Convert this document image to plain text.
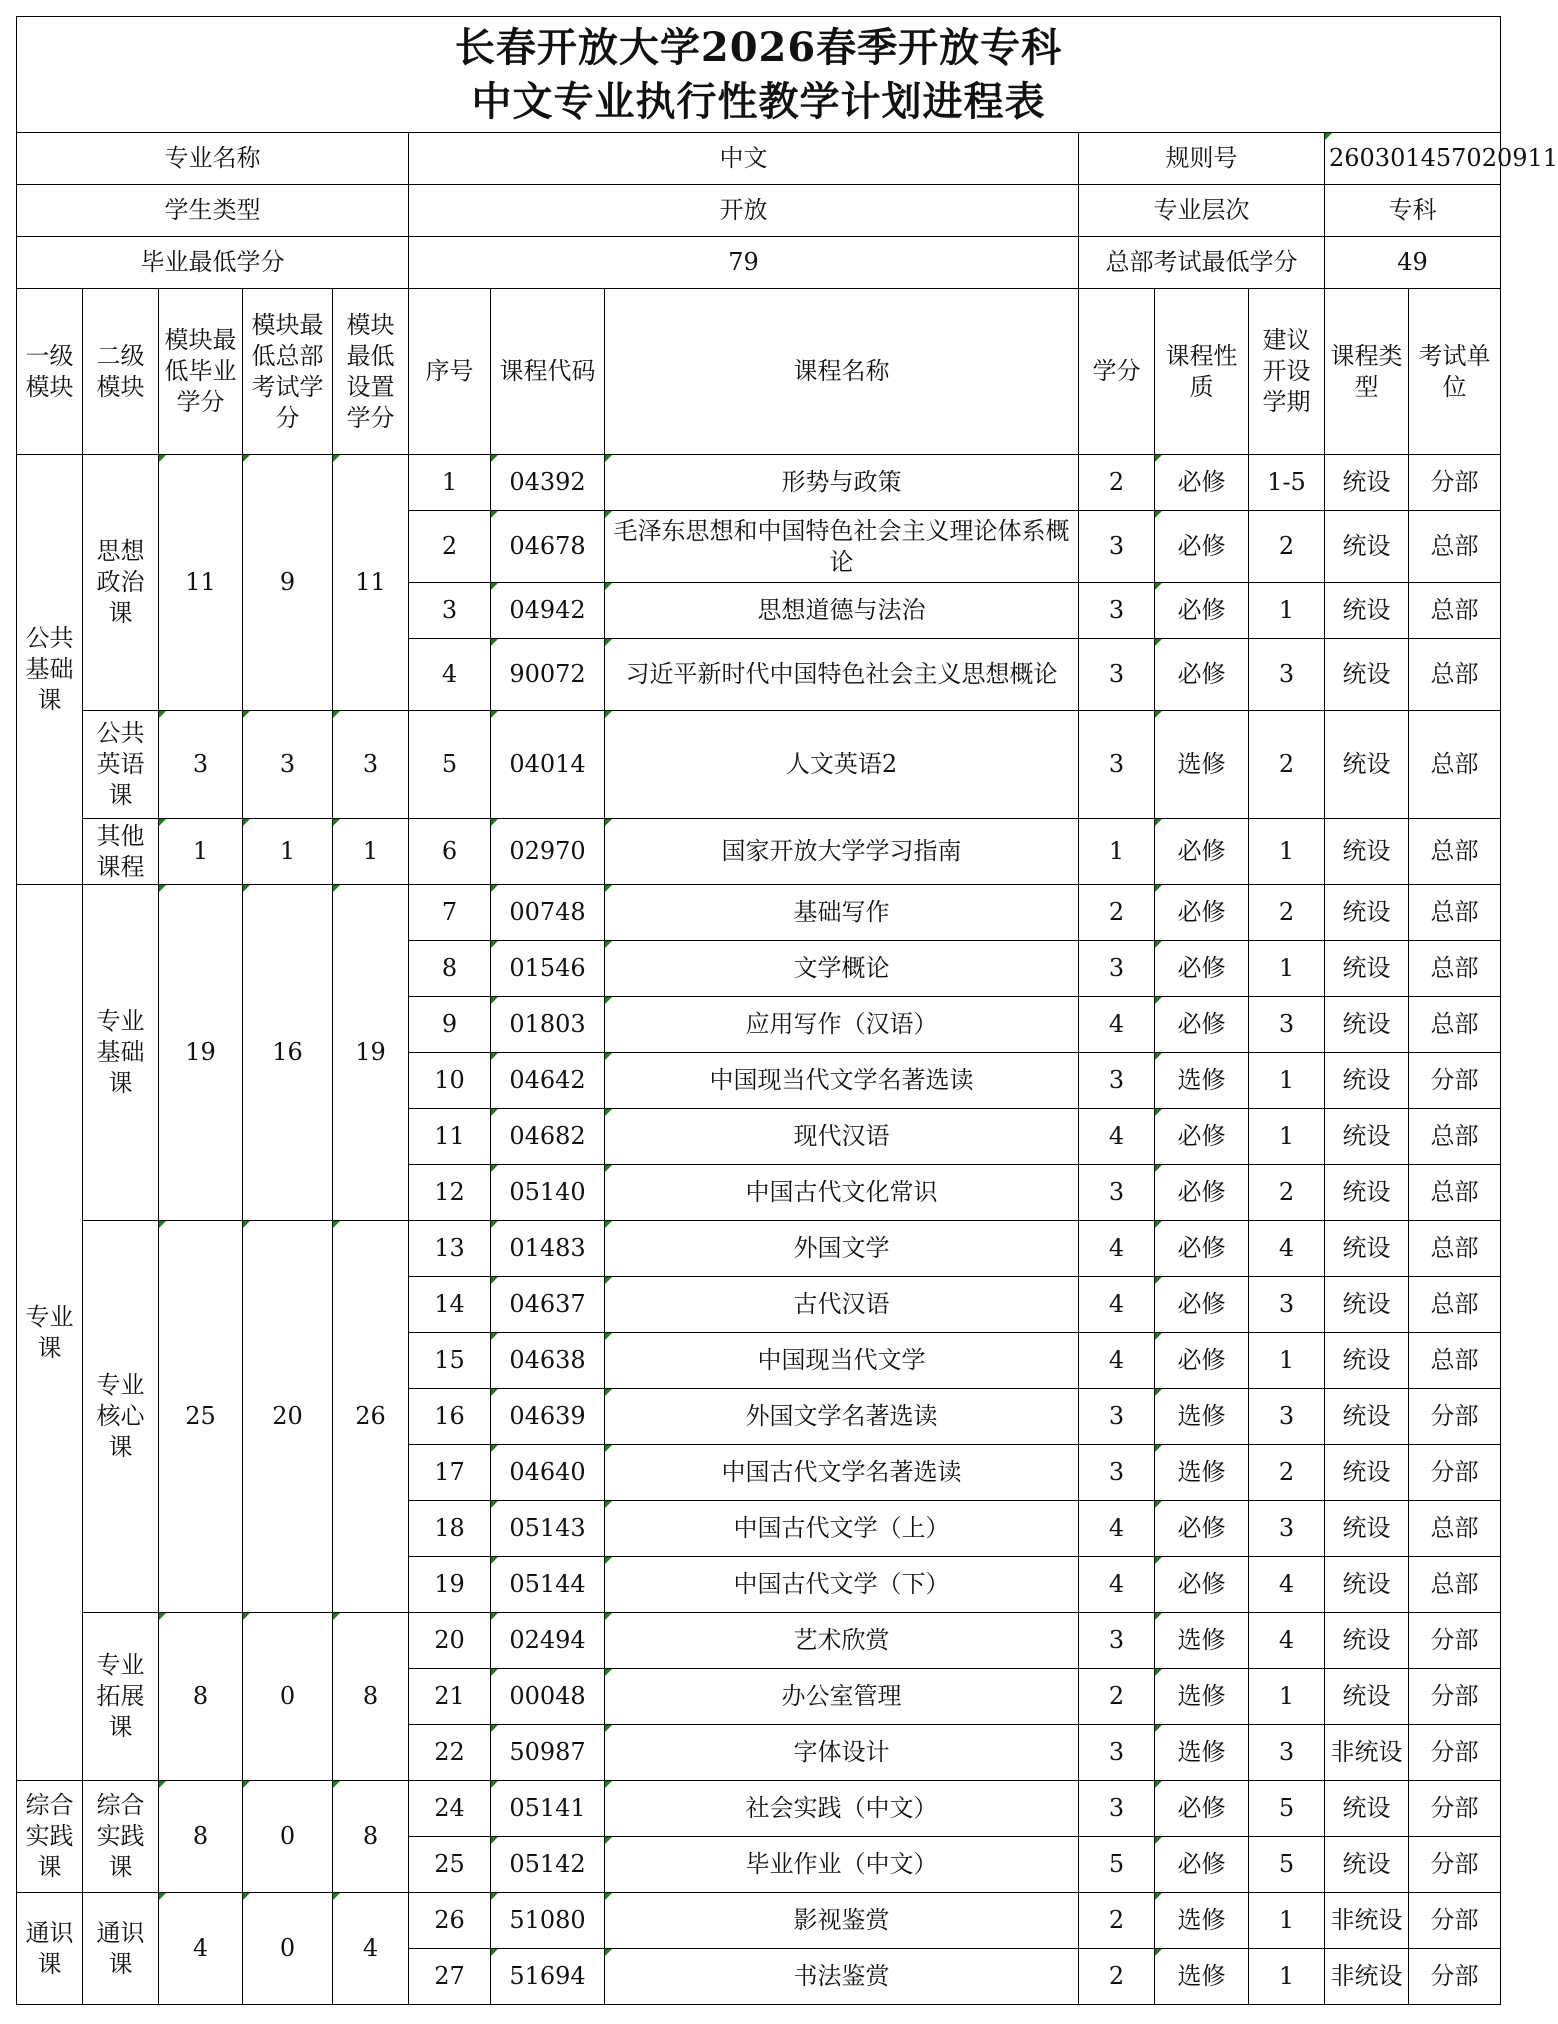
长春开放大学2026春季开放专科
中文专业执行性教学计划进程表												

专业名称					中文			规则号			260301457020911	
学生类型					开放			专业层次			专科	
毕业最低学分					79			总部考试最低学分			49	
一级模块	二级模块	模块最低毕业学分	模块最低总部考试学分	模块最低设置学分	序号	课程代码	课程名称	学分	课程性质	建议开设学期	课程类型	考试单位
公共基础课	思想政治课	11	9	11	1	04392	形势与政策	2	必修	1-5	统设	分部
					2	04678	毛泽东思想和中国特色社会主义理论体系概论	3	必修	2	统设	总部
					3	04942	思想道德与法治	3	必修	1	统设	总部
					4	90072	习近平新时代中国特色社会主义思想概论	3	必修	3	统设	总部
	公共英语课	3	3	3	5	04014	人文英语2	3	选修	2	统设	总部
	其他课程	1	1	1	6	02970	国家开放大学学习指南	1	必修	1	统设	总部
专业课	专业基础课	19	16	19	7	00748	基础写作	2	必修	2	统设	总部
					8	01546	文学概论	3	必修	1	统设	总部
					9	01803	应用写作（汉语）	4	必修	3	统设	总部
					10	04642	中国现当代文学名著选读	3	选修	1	统设	分部
					11	04682	现代汉语	4	必修	1	统设	总部
					12	05140	中国古代文化常识	3	必修	2	统设	总部
	专业核心课	25	20	26	13	01483	外国文学	4	必修	4	统设	总部
					14	04637	古代汉语	4	必修	3	统设	总部
					15	04638	中国现当代文学	4	必修	1	统设	总部
					16	04639	外国文学名著选读	3	选修	3	统设	分部
					17	04640	中国古代文学名著选读	3	选修	2	统设	分部
					18	05143	中国古代文学（上）	4	必修	3	统设	总部
					19	05144	中国古代文学（下）	4	必修	4	统设	总部
	专业拓展课	8	0	8	20	02494	艺术欣赏	3	选修	4	统设	分部
					21	00048	办公室管理	2	选修	1	统设	分部
					22	50987	字体设计	3	选修	3	非统设	分部
综合实践课	综合实践课	8	0	8	24	05141	社会实践（中文）	3	必修	5	统设	分部
					25	05142	毕业作业（中文）	5	必修	5	统设	分部
通识课	通识课	4	0	4	26	51080	影视鉴赏	2	选修	1	非统设	分部
					27	51694	书法鉴赏	2	选修	1	非统设	分部
